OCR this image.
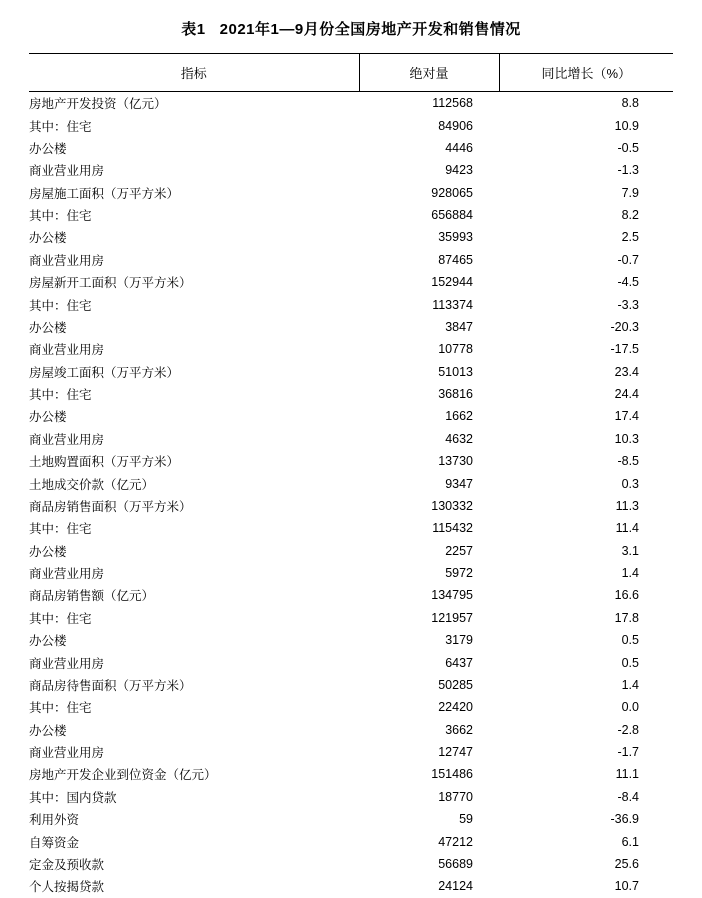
表1 2021年1—9月份全国房地产开发和销售情况
指标	绝对量	同比增长（%）
房地产开发投资（亿元）	112568	8.8
其中：住宅	84906	10.9
办公楼	4446	-0.5
商业营业用房	9423	-1.3
房屋施工面积（万平方米）	928065	7.9
其中：住宅	656884	8.2
办公楼	35993	2.5
商业营业用房	87465	-0.7
房屋新开工面积（万平方米）	152944	-4.5
其中：住宅	113374	-3.3
办公楼	3847	-20.3
商业营业用房	10778	-17.5
房屋竣工面积（万平方米）	51013	23.4
其中：住宅	36816	24.4
办公楼	1662	17.4
商业营业用房	4632	10.3
土地购置面积（万平方米）	13730	-8.5
土地成交价款（亿元）	9347	0.3
商品房销售面积（万平方米）	130332	11.3
其中：住宅	115432	11.4
办公楼	2257	3.1
商业营业用房	5972	1.4
商品房销售额（亿元）	134795	16.6
其中：住宅	121957	17.8
办公楼	3179	0.5
商业营业用房	6437	0.5
商品房待售面积（万平方米）	50285	1.4
其中：住宅	22420	0.0
办公楼	3662	-2.8
商业营业用房	12747	-1.7
房地产开发企业到位资金（亿元）	151486	11.1
其中：国内贷款	18770	-8.4
利用外资	59	-36.9
自筹资金	47212	6.1
定金及预收款	56689	25.6
个人按揭贷款	24124	10.7
